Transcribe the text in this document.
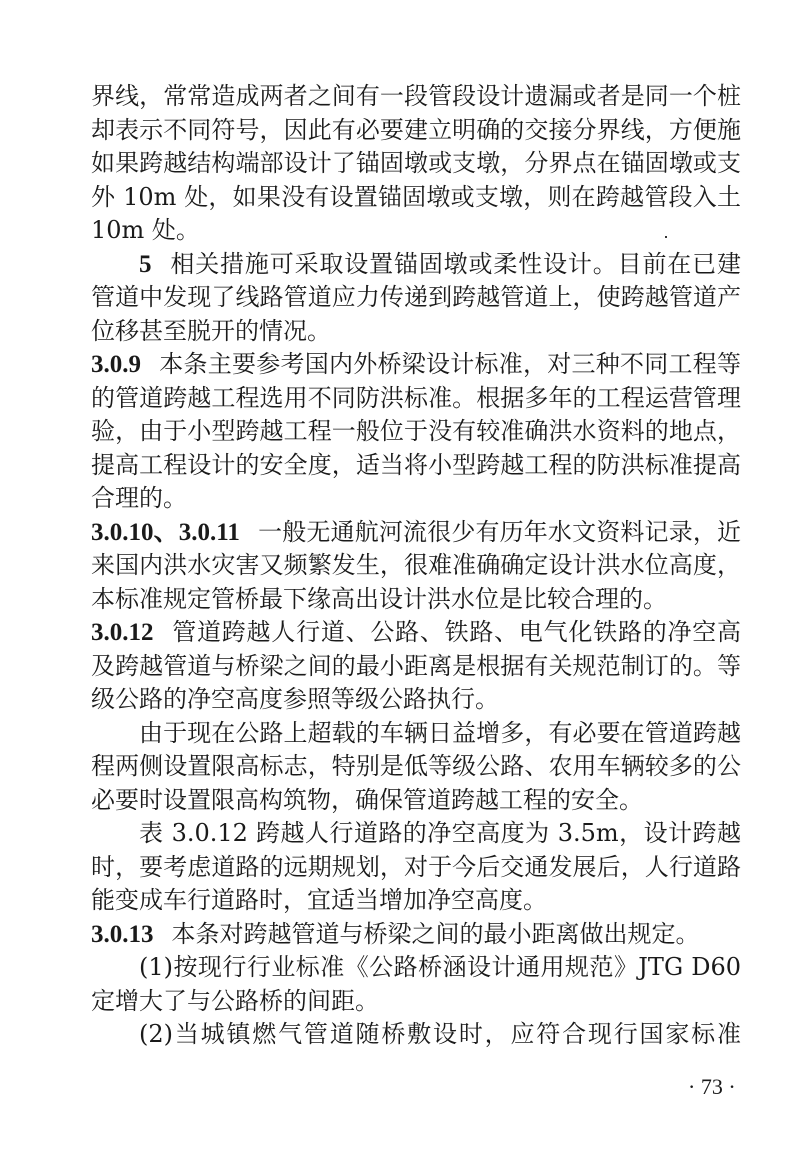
界线，常常造成两者之间有一段管段设计遗漏或者是同一个桩
却表示不同符号，因此有必要建立明确的交接分界线，方便施
如果跨越结构端部设计了锚固墩或支墩，分界点在锚固墩或支
外 10m 处，如果没有设置锚固墩或支墩，则在跨越管段入土
10m 处。
5 相关措施可采取设置锚固墩或柔性设计。目前在已建
管道中发现了线路管道应力传递到跨越管道上，使跨越管道产
位移甚至脱开的情况。
3.0.9 本条主要参考国内外桥梁设计标准，对三种不同工程等
的管道跨越工程选用不同防洪标准。根据多年的工程运营管理
验，由于小型跨越工程一般位于没有较准确洪水资料的地点，
提高工程设计的安全度，适当将小型跨越工程的防洪标准提高
合理的。
3.0.10、3.0.11 一般无通航河流很少有历年水文资料记录，近
来国内洪水灾害又频繁发生，很难准确确定设计洪水位高度，
本标准规定管桥最下缘高出设计洪水位是比较合理的。
3.0.12 管道跨越人行道、公路、铁路、电气化铁路的净空高
及跨越管道与桥梁之间的最小距离是根据有关规范制订的。等
级公路的净空高度参照等级公路执行。
由于现在公路上超载的车辆日益增多，有必要在管道跨越
程两侧设置限高标志，特别是低等级公路、农用车辆较多的公
必要时设置限高构筑物，确保管道跨越工程的安全。
表 3.0.12 跨越人行道路的净空高度为 3.5m，设计跨越
时，要考虑道路的远期规划，对于今后交通发展后，人行道路
能变成车行道路时，宜适当增加净空高度。
3.0.13 本条对跨越管道与桥梁之间的最小距离做出规定。
(1)按现行行业标准《公路桥涵设计通用规范》JTG D60
定增大了与公路桥的间距。
(2)当城镇燃气管道随桥敷设时，应符合现行国家标准
· 73 ·
